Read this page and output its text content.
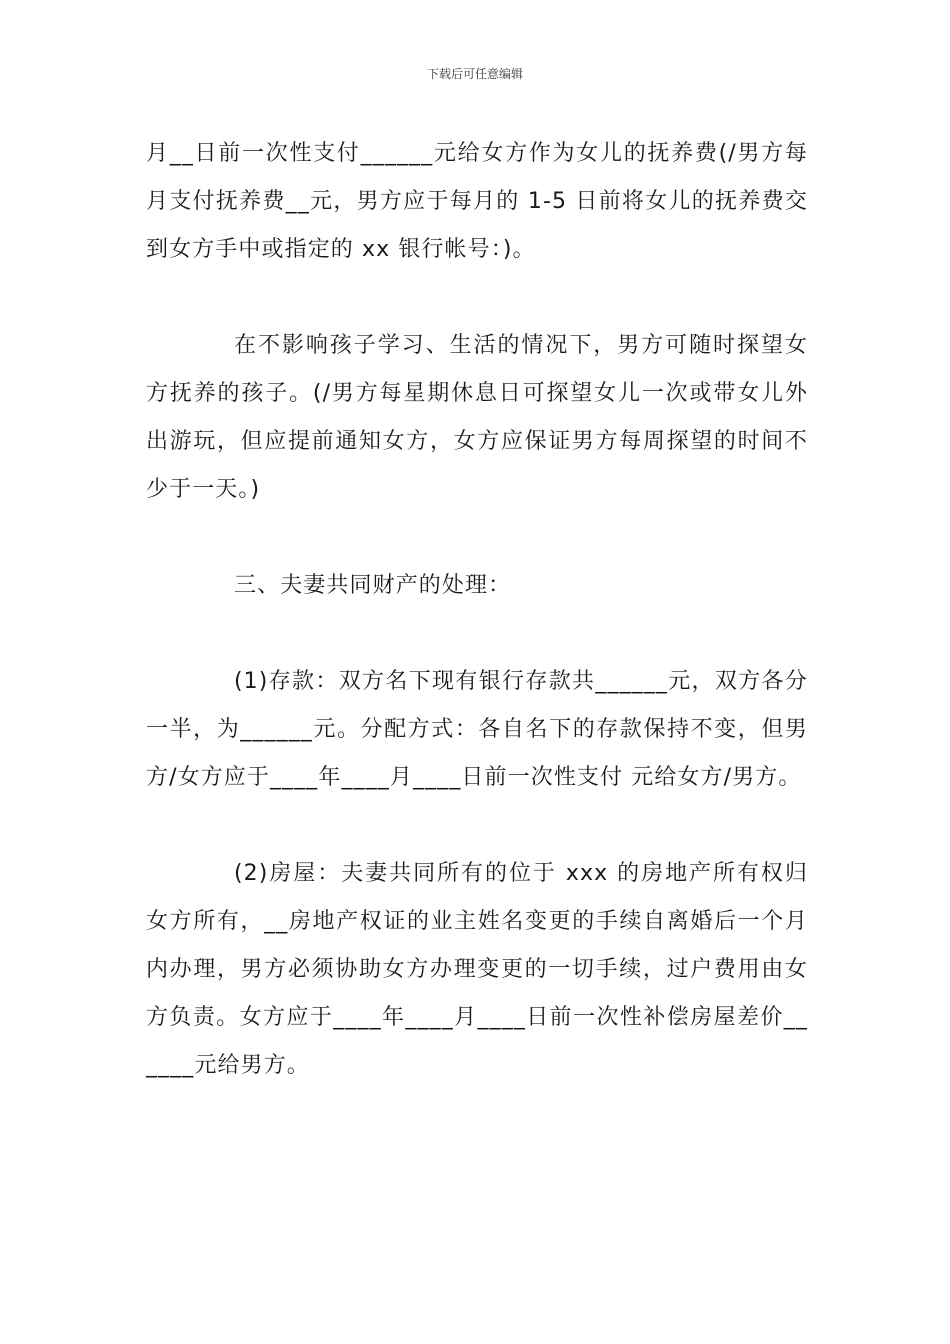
下载后可任意编辑

月__日前一次性支付______元给女方作为女儿的抚养费(/男方每月支付抚养费__元，男方应于每月的 1-5 日前将女儿的抚养费交到女方手中或指定的 xx 银行帐号：)。

在不影响孩子学习、生活的情况下，男方可随时探望女方抚养的孩子。(/男方每星期休息日可探望女儿一次或带女儿外出游玩，但应提前通知女方，女方应保证男方每周探望的时间不少于一天。)

三、夫妻共同财产的处理：

(1)存款：双方名下现有银行存款共______元，双方各分一半，为______元。分配方式：各自名下的存款保持不变，但男方/女方应于____年____月____日前一次性支付 元给女方/男方。

(2)房屋：夫妻共同所有的位于 xxx 的房地产所有权归女方所有，__房地产权证的业主姓名变更的手续自离婚后一个月内办理，男方必须协助女方办理变更的一切手续，过户费用由女方负责。女方应于____年____月____日前一次性补偿房屋差价______元给男方。
